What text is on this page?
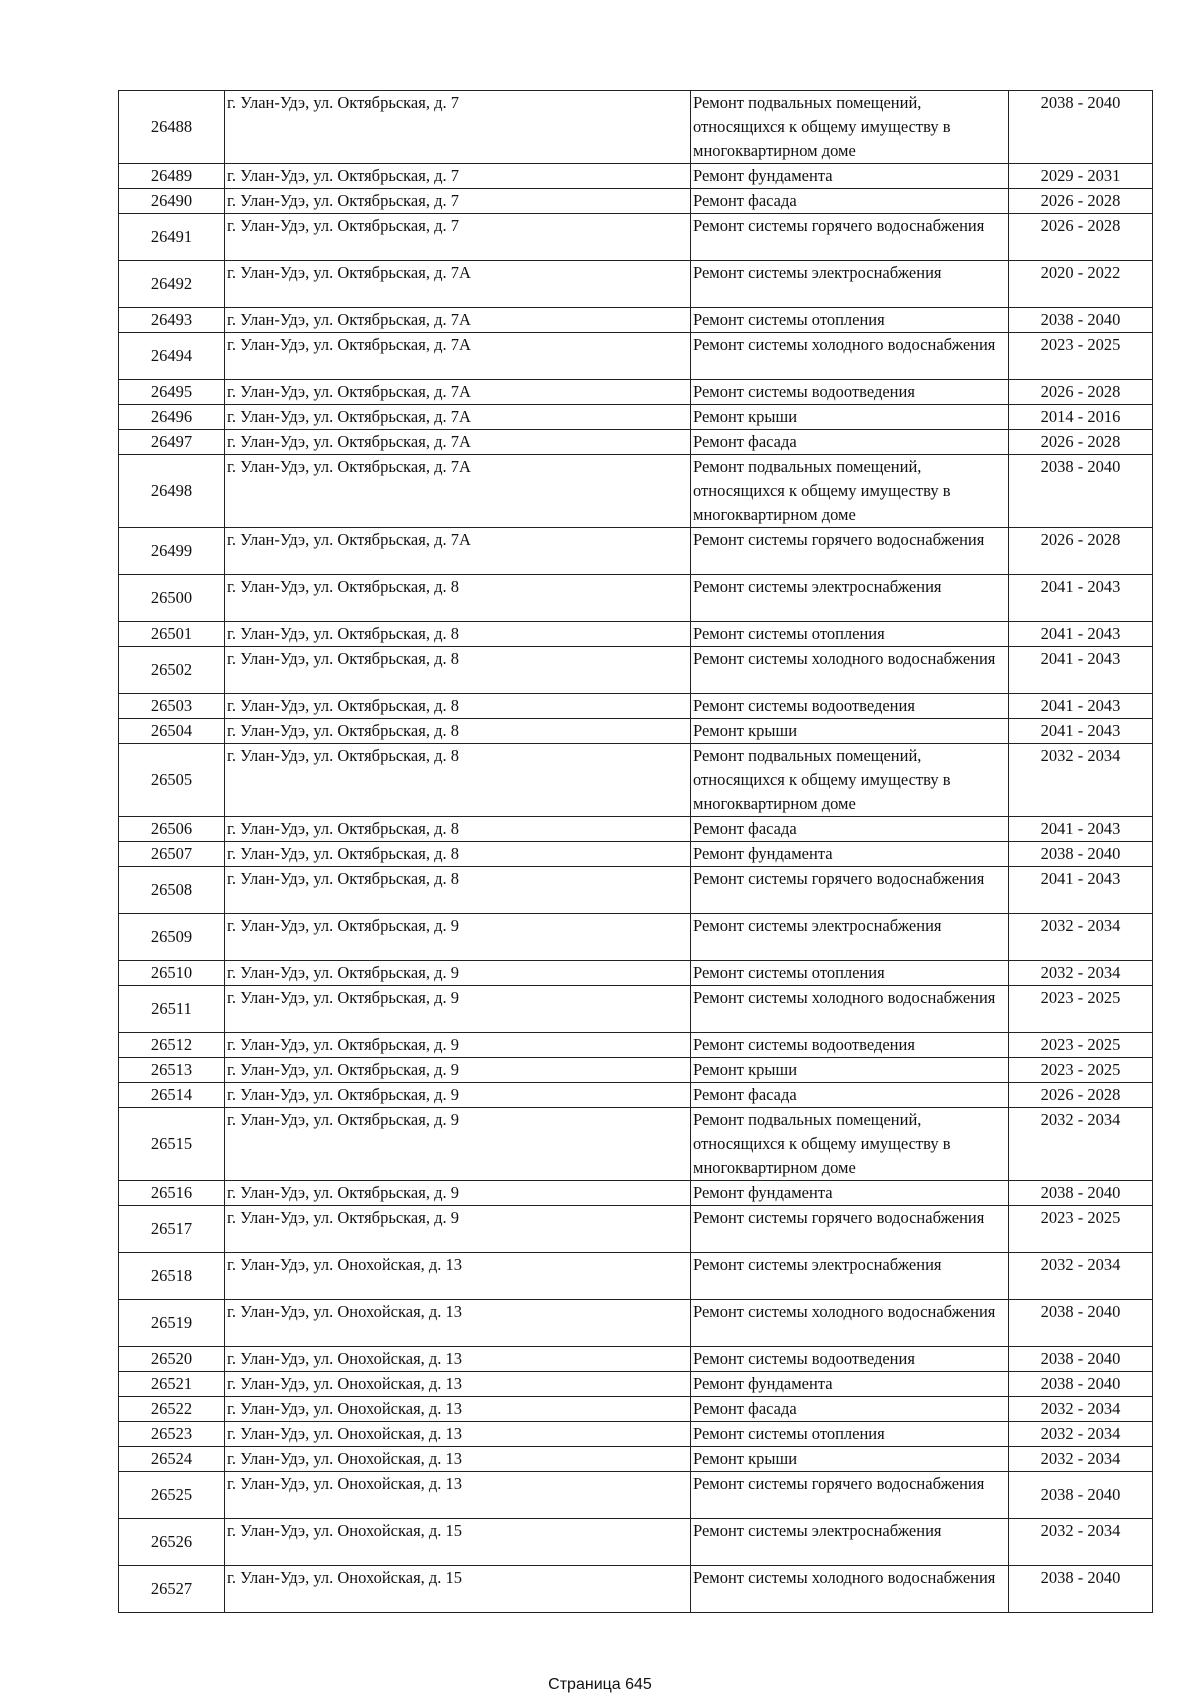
26488	г. Улан-Удэ, ул. Октябрьская, д. 7	Ремонт подвальных помещений, относящихся к общему имуществу в многоквартирном доме	2038 - 2040
26489	г. Улан-Удэ, ул. Октябрьская, д. 7	Ремонт фундамента	2029 - 2031
26490	г. Улан-Удэ, ул. Октябрьская, д. 7	Ремонт фасада	2026 - 2028
26491	г. Улан-Удэ, ул. Октябрьская, д. 7	Ремонт системы горячего водоснабжения	2026 - 2028
26492	г. Улан-Удэ, ул. Октябрьская, д. 7А	Ремонт системы электроснабжения	2020 - 2022
26493	г. Улан-Удэ, ул. Октябрьская, д. 7А	Ремонт системы отопления	2038 - 2040
26494	г. Улан-Удэ, ул. Октябрьская, д. 7А	Ремонт системы холодного водоснабжения	2023 - 2025
26495	г. Улан-Удэ, ул. Октябрьская, д. 7А	Ремонт системы водоотведения	2026 - 2028
26496	г. Улан-Удэ, ул. Октябрьская, д. 7А	Ремонт крыши	2014 - 2016
26497	г. Улан-Удэ, ул. Октябрьская, д. 7А	Ремонт фасада	2026 - 2028
26498	г. Улан-Удэ, ул. Октябрьская, д. 7А	Ремонт подвальных помещений, относящихся к общему имуществу в многоквартирном доме	2038 - 2040
26499	г. Улан-Удэ, ул. Октябрьская, д. 7А	Ремонт системы горячего водоснабжения	2026 - 2028
26500	г. Улан-Удэ, ул. Октябрьская, д. 8	Ремонт системы электроснабжения	2041 - 2043
26501	г. Улан-Удэ, ул. Октябрьская, д. 8	Ремонт системы отопления	2041 - 2043
26502	г. Улан-Удэ, ул. Октябрьская, д. 8	Ремонт системы холодного водоснабжения	2041 - 2043
26503	г. Улан-Удэ, ул. Октябрьская, д. 8	Ремонт системы водоотведения	2041 - 2043
26504	г. Улан-Удэ, ул. Октябрьская, д. 8	Ремонт крыши	2041 - 2043
26505	г. Улан-Удэ, ул. Октябрьская, д. 8	Ремонт подвальных помещений, относящихся к общему имуществу в многоквартирном доме	2032 - 2034
26506	г. Улан-Удэ, ул. Октябрьская, д. 8	Ремонт фасада	2041 - 2043
26507	г. Улан-Удэ, ул. Октябрьская, д. 8	Ремонт фундамента	2038 - 2040
26508	г. Улан-Удэ, ул. Октябрьская, д. 8	Ремонт системы горячего водоснабжения	2041 - 2043
26509	г. Улан-Удэ, ул. Октябрьская, д. 9	Ремонт системы электроснабжения	2032 - 2034
26510	г. Улан-Удэ, ул. Октябрьская, д. 9	Ремонт системы отопления	2032 - 2034
26511	г. Улан-Удэ, ул. Октябрьская, д. 9	Ремонт системы холодного водоснабжения	2023 - 2025
26512	г. Улан-Удэ, ул. Октябрьская, д. 9	Ремонт системы водоотведения	2023 - 2025
26513	г. Улан-Удэ, ул. Октябрьская, д. 9	Ремонт крыши	2023 - 2025
26514	г. Улан-Удэ, ул. Октябрьская, д. 9	Ремонт фасада	2026 - 2028
26515	г. Улан-Удэ, ул. Октябрьская, д. 9	Ремонт подвальных помещений, относящихся к общему имуществу в многоквартирном доме	2032 - 2034
26516	г. Улан-Удэ, ул. Октябрьская, д. 9	Ремонт фундамента	2038 - 2040
26517	г. Улан-Удэ, ул. Октябрьская, д. 9	Ремонт системы горячего водоснабжения	2023 - 2025
26518	г. Улан-Удэ, ул. Онохойская, д. 13	Ремонт системы электроснабжения	2032 - 2034
26519	г. Улан-Удэ, ул. Онохойская, д. 13	Ремонт системы холодного водоснабжения	2038 - 2040
26520	г. Улан-Удэ, ул. Онохойская, д. 13	Ремонт системы водоотведения	2038 - 2040
26521	г. Улан-Удэ, ул. Онохойская, д. 13	Ремонт фундамента	2038 - 2040
26522	г. Улан-Удэ, ул. Онохойская, д. 13	Ремонт фасада	2032 - 2034
26523	г. Улан-Удэ, ул. Онохойская, д. 13	Ремонт системы отопления	2032 - 2034
26524	г. Улан-Удэ, ул. Онохойская, д. 13	Ремонт крыши	2032 - 2034
26525	г. Улан-Удэ, ул. Онохойская, д. 13	Ремонт системы горячего водоснабжения	2038 - 2040
26526	г. Улан-Удэ, ул. Онохойская, д. 15	Ремонт системы электроснабжения	2032 - 2034
26527	г. Улан-Удэ, ул. Онохойская, д. 15	Ремонт системы холодного водоснабжения	2038 - 2040
Страница 645
